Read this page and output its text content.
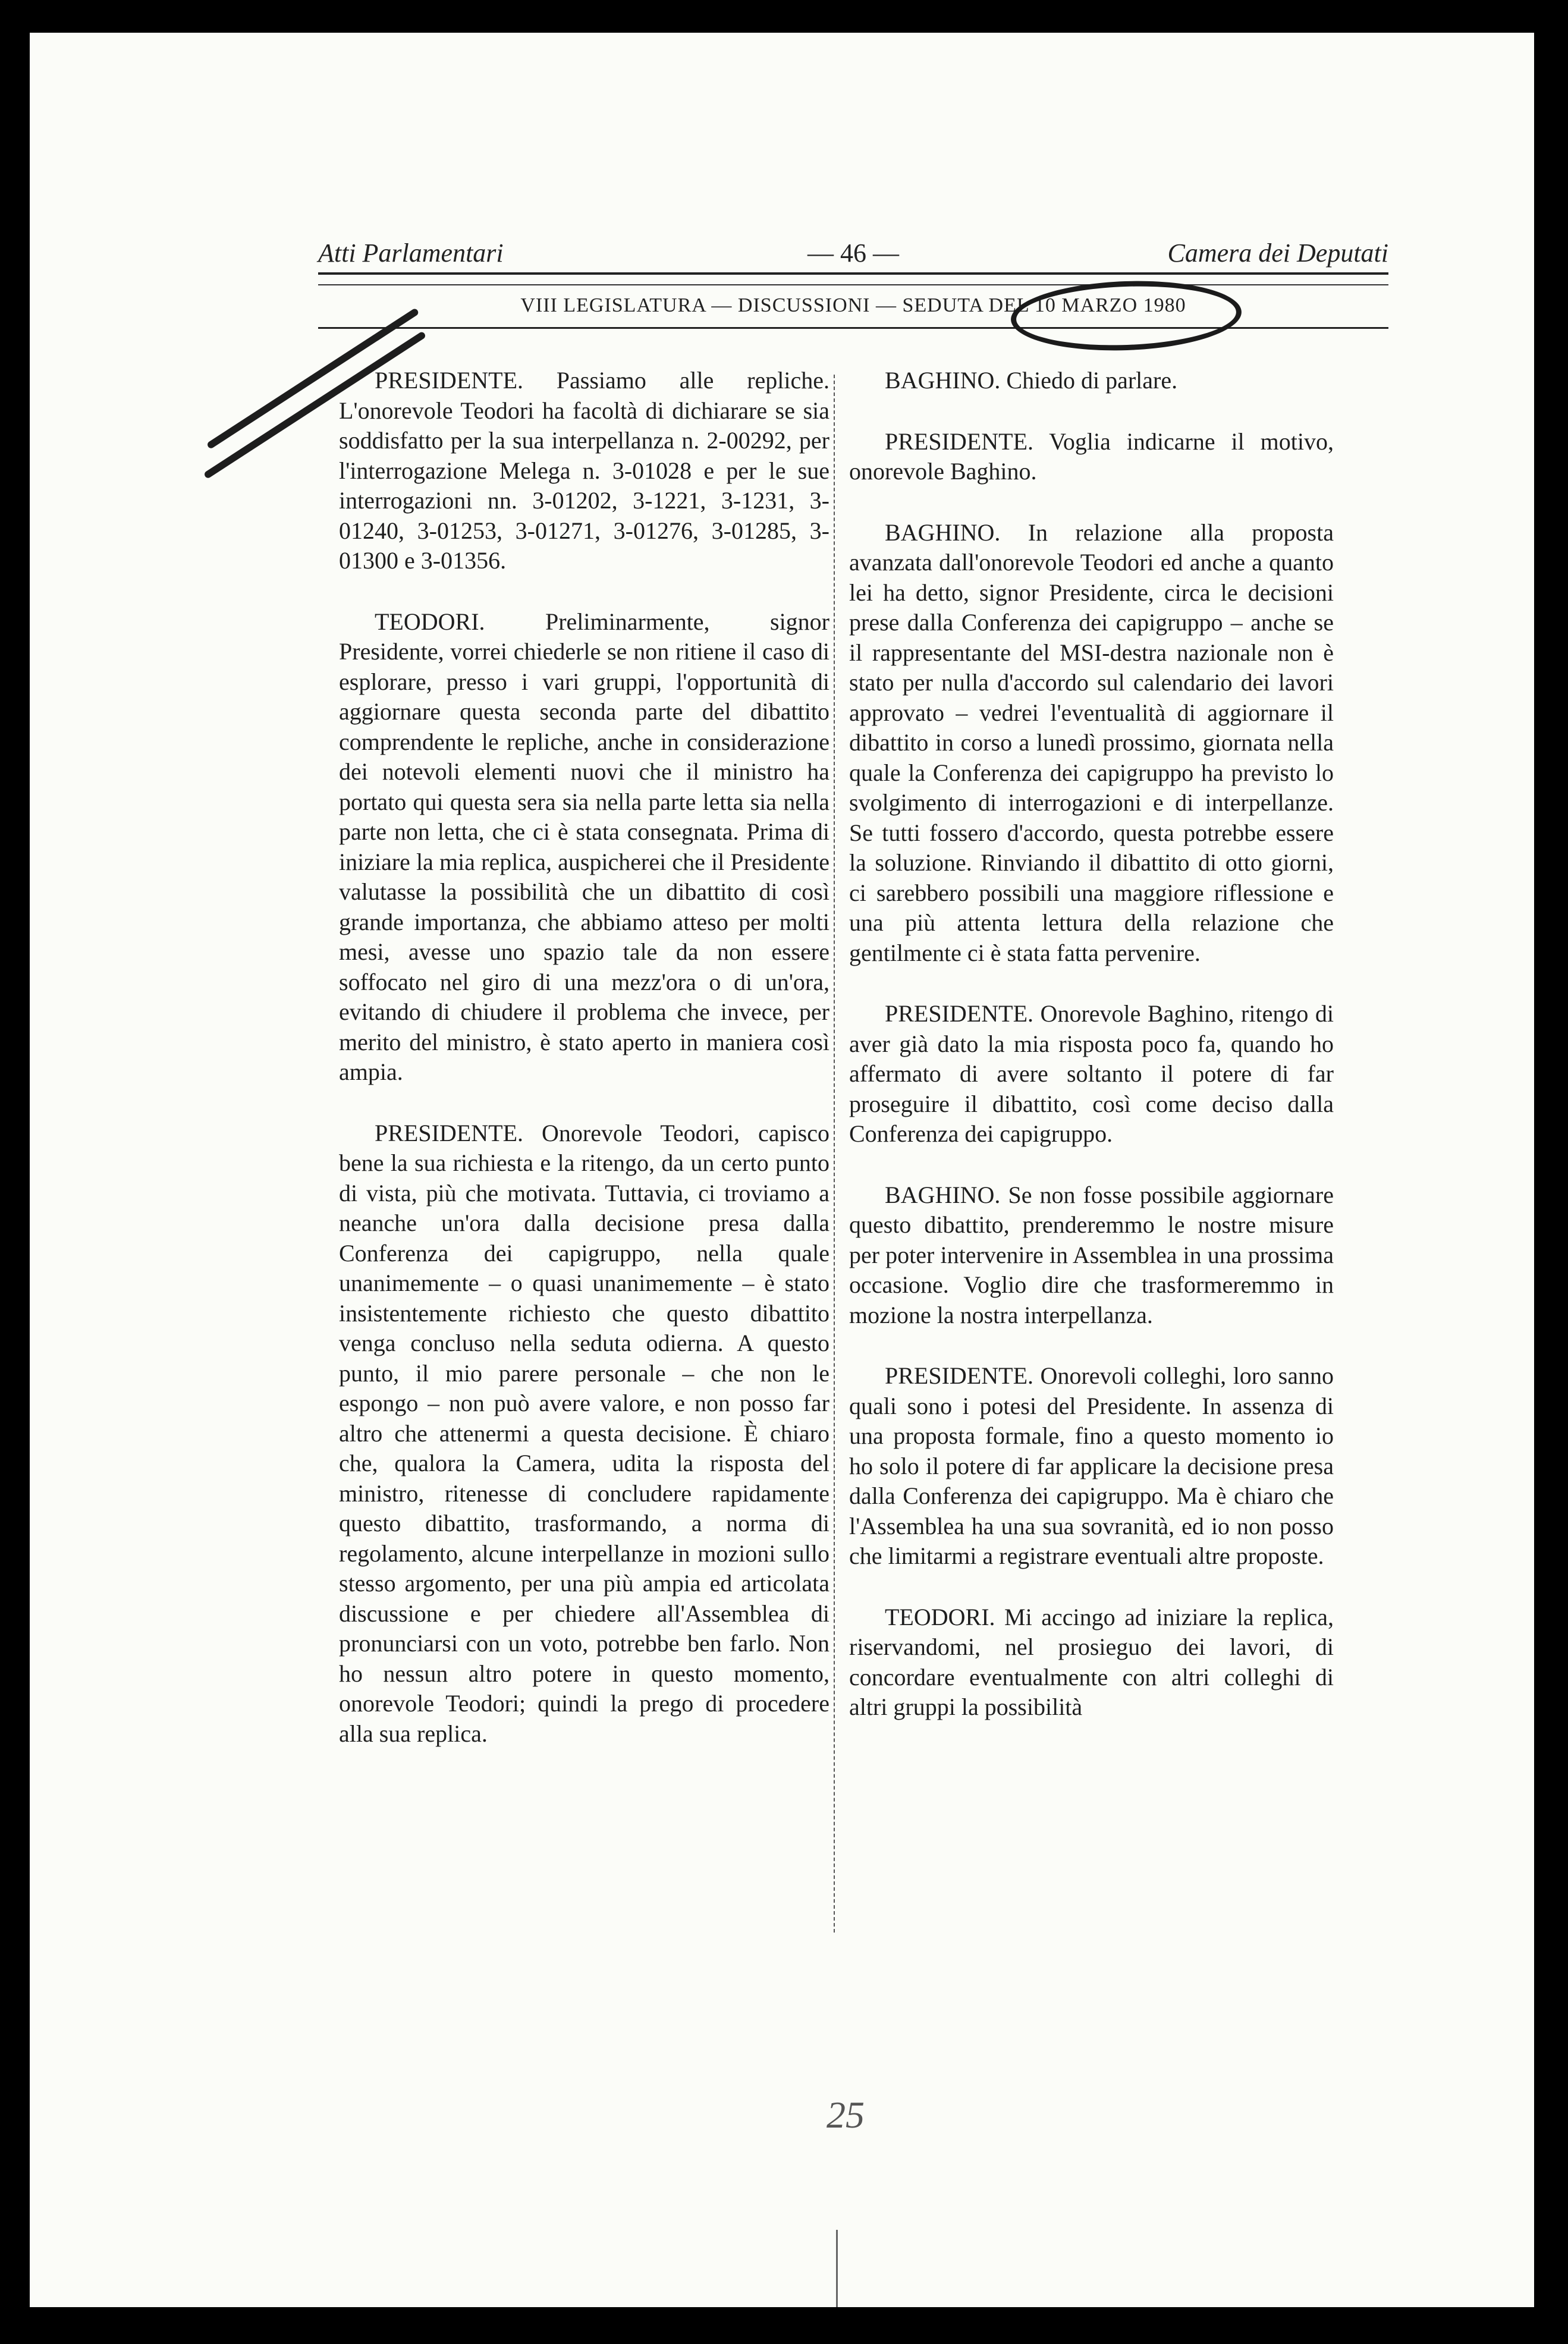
Atti Parlamentari	— 46 —	Camera dei Deputati
VIII LEGISLATURA — DISCUSSIONI — SEDUTA DEL 10 MARZO 1980

PRESIDENTE. Passiamo alle repliche. L'onorevole Teodori ha facoltà di dichiarare se sia soddisfatto per la sua interpellanza n. 2-00292, per l'interrogazione Melega n. 3-01028 e per le sue interrogazioni nn. 3-01202, 3-1221, 3-1231, 3-01240, 3-01253, 3-01271, 3-01276, 3-01285, 3-01300 e 3-01356.

TEODORI. Preliminarmente, signor Presidente, vorrei chiederle se non ritiene il caso di esplorare, presso i vari gruppi, l'opportunità di aggiornare questa seconda parte del dibattito comprendente le repliche, anche in considerazione dei notevoli elementi nuovi che il ministro ha portato qui questa sera sia nella parte letta sia nella parte non letta, che ci è stata consegnata. Prima di iniziare la mia replica, auspicherei che il Presidente valutasse la possibilità che un dibattito di così grande importanza, che abbiamo atteso per molti mesi, avesse uno spazio tale da non essere soffocato nel giro di una mezz'ora o di un'ora, evitando di chiudere il problema che invece, per merito del ministro, è stato aperto in maniera così ampia.

PRESIDENTE. Onorevole Teodori, capisco bene la sua richiesta e la ritengo, da un certo punto di vista, più che motivata. Tuttavia, ci troviamo a neanche un'ora dalla decisione presa dalla Conferenza dei capigruppo, nella quale unanimemente – o quasi unanimemente – è stato insistentemente richiesto che questo dibattito venga concluso nella seduta odierna. A questo punto, il mio parere personale – che non le espongo – non può avere valore, e non posso far altro che attenermi a questa decisione. È chiaro che, qualora la Camera, udita la risposta del ministro, ritenesse di concludere rapidamente questo dibattito, trasformando, a norma di regolamento, alcune interpellanze in mozioni sullo stesso argomento, per una più ampia ed articolata discussione e per chiedere all'Assemblea di pronunciarsi con un voto, potrebbe ben farlo. Non ho nessun altro potere in questo momento, onorevole Teodori; quindi la prego di procedere alla sua replica.

BAGHINO. Chiedo di parlare.

PRESIDENTE. Voglia indicarne il motivo, onorevole Baghino.

BAGHINO. In relazione alla proposta avanzata dall'onorevole Teodori ed anche a quanto lei ha detto, signor Presidente, circa le decisioni prese dalla Conferenza dei capigruppo – anche se il rappresentante del MSI-destra nazionale non è stato per nulla d'accordo sul calendario dei lavori approvato – vedrei l'eventualità di aggiornare il dibattito in corso a lunedì prossimo, giornata nella quale la Conferenza dei capigruppo ha previsto lo svolgimento di interrogazioni e di interpellanze. Se tutti fossero d'accordo, questa potrebbe essere la soluzione. Rinviando il dibattito di otto giorni, ci sarebbero possibili una maggiore riflessione e una più attenta lettura della relazione che gentilmente ci è stata fatta pervenire.

PRESIDENTE. Onorevole Baghino, ritengo di aver già dato la mia risposta poco fa, quando ho affermato di avere soltanto il potere di far proseguire il dibattito, così come deciso dalla Conferenza dei capigruppo.

BAGHINO. Se non fosse possibile aggiornare questo dibattito, prenderemmo le nostre misure per poter intervenire in Assemblea in una prossima occasione. Voglio dire che trasformeremmo in mozione la nostra interpellanza.

PRESIDENTE. Onorevoli colleghi, loro sanno quali sono i potesi del Presidente. In assenza di una proposta formale, fino a questo momento io ho solo il potere di far applicare la decisione presa dalla Conferenza dei capigruppo. Ma è chiaro che l'Assemblea ha una sua sovranità, ed io non posso che limitarmi a registrare eventuali altre proposte.

TEODORI. Mi accingo ad iniziare la replica, riservandomi, nel prosieguo dei lavori, di concordare eventualmente con altri colleghi di altri gruppi la possibilità

25
